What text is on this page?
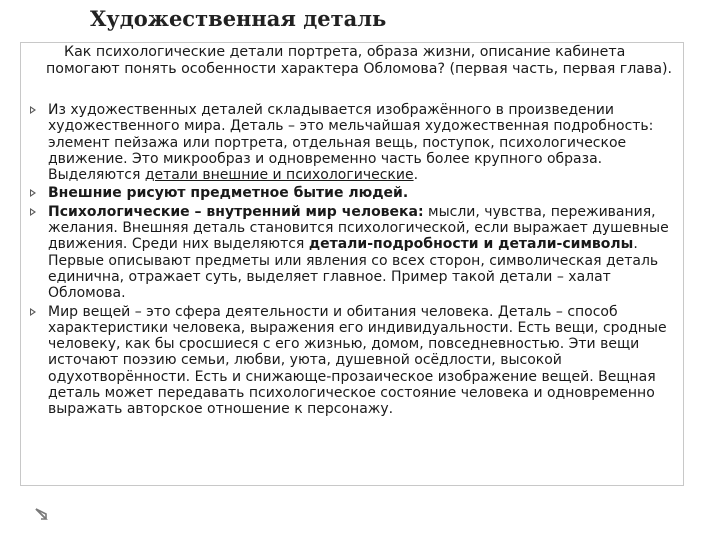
Художественная деталь

Как психологические детали портрета, образа жизни, описание кабинета помогают понять особенности характера Обломова? (первая часть, первая глава).

Из художественных деталей складывается изображённого в произведении художественного мира. Деталь – это мельчайшая художественная подробность: элемент пейзажа или портрета, отдельная вещь, поступок, психологическое движение. Это микрообраз и одновременно часть более крупного образа. Выделяются детали внешние и психологические.
Внешние рисуют предметное бытие людей.
Психологические – внутренний мир человека: мысли, чувства, переживания, желания. Внешняя деталь становится психологической, если выражает душевные движения. Среди них выделяются детали-подробности и детали-символы. Первые описывают предметы или явления со всех сторон, символическая деталь единична, отражает суть, выделяет главное. Пример такой детали – халат Обломова.
Мир вещей – это сфера деятельности и обитания человека. Деталь – способ характеристики человека, выражения его индивидуальности. Есть вещи, сродные человеку, как бы сросшиеся с его жизнью, домом, повседневностью. Эти вещи источают поэзию семьи, любви, уюта, душевной осёдлости, высокой одухотворённости. Есть и снижающе-прозаическое изображение вещей. Вещная деталь может передавать психологическое состояние человека и одновременно выражать авторское отношение к персонажу.
